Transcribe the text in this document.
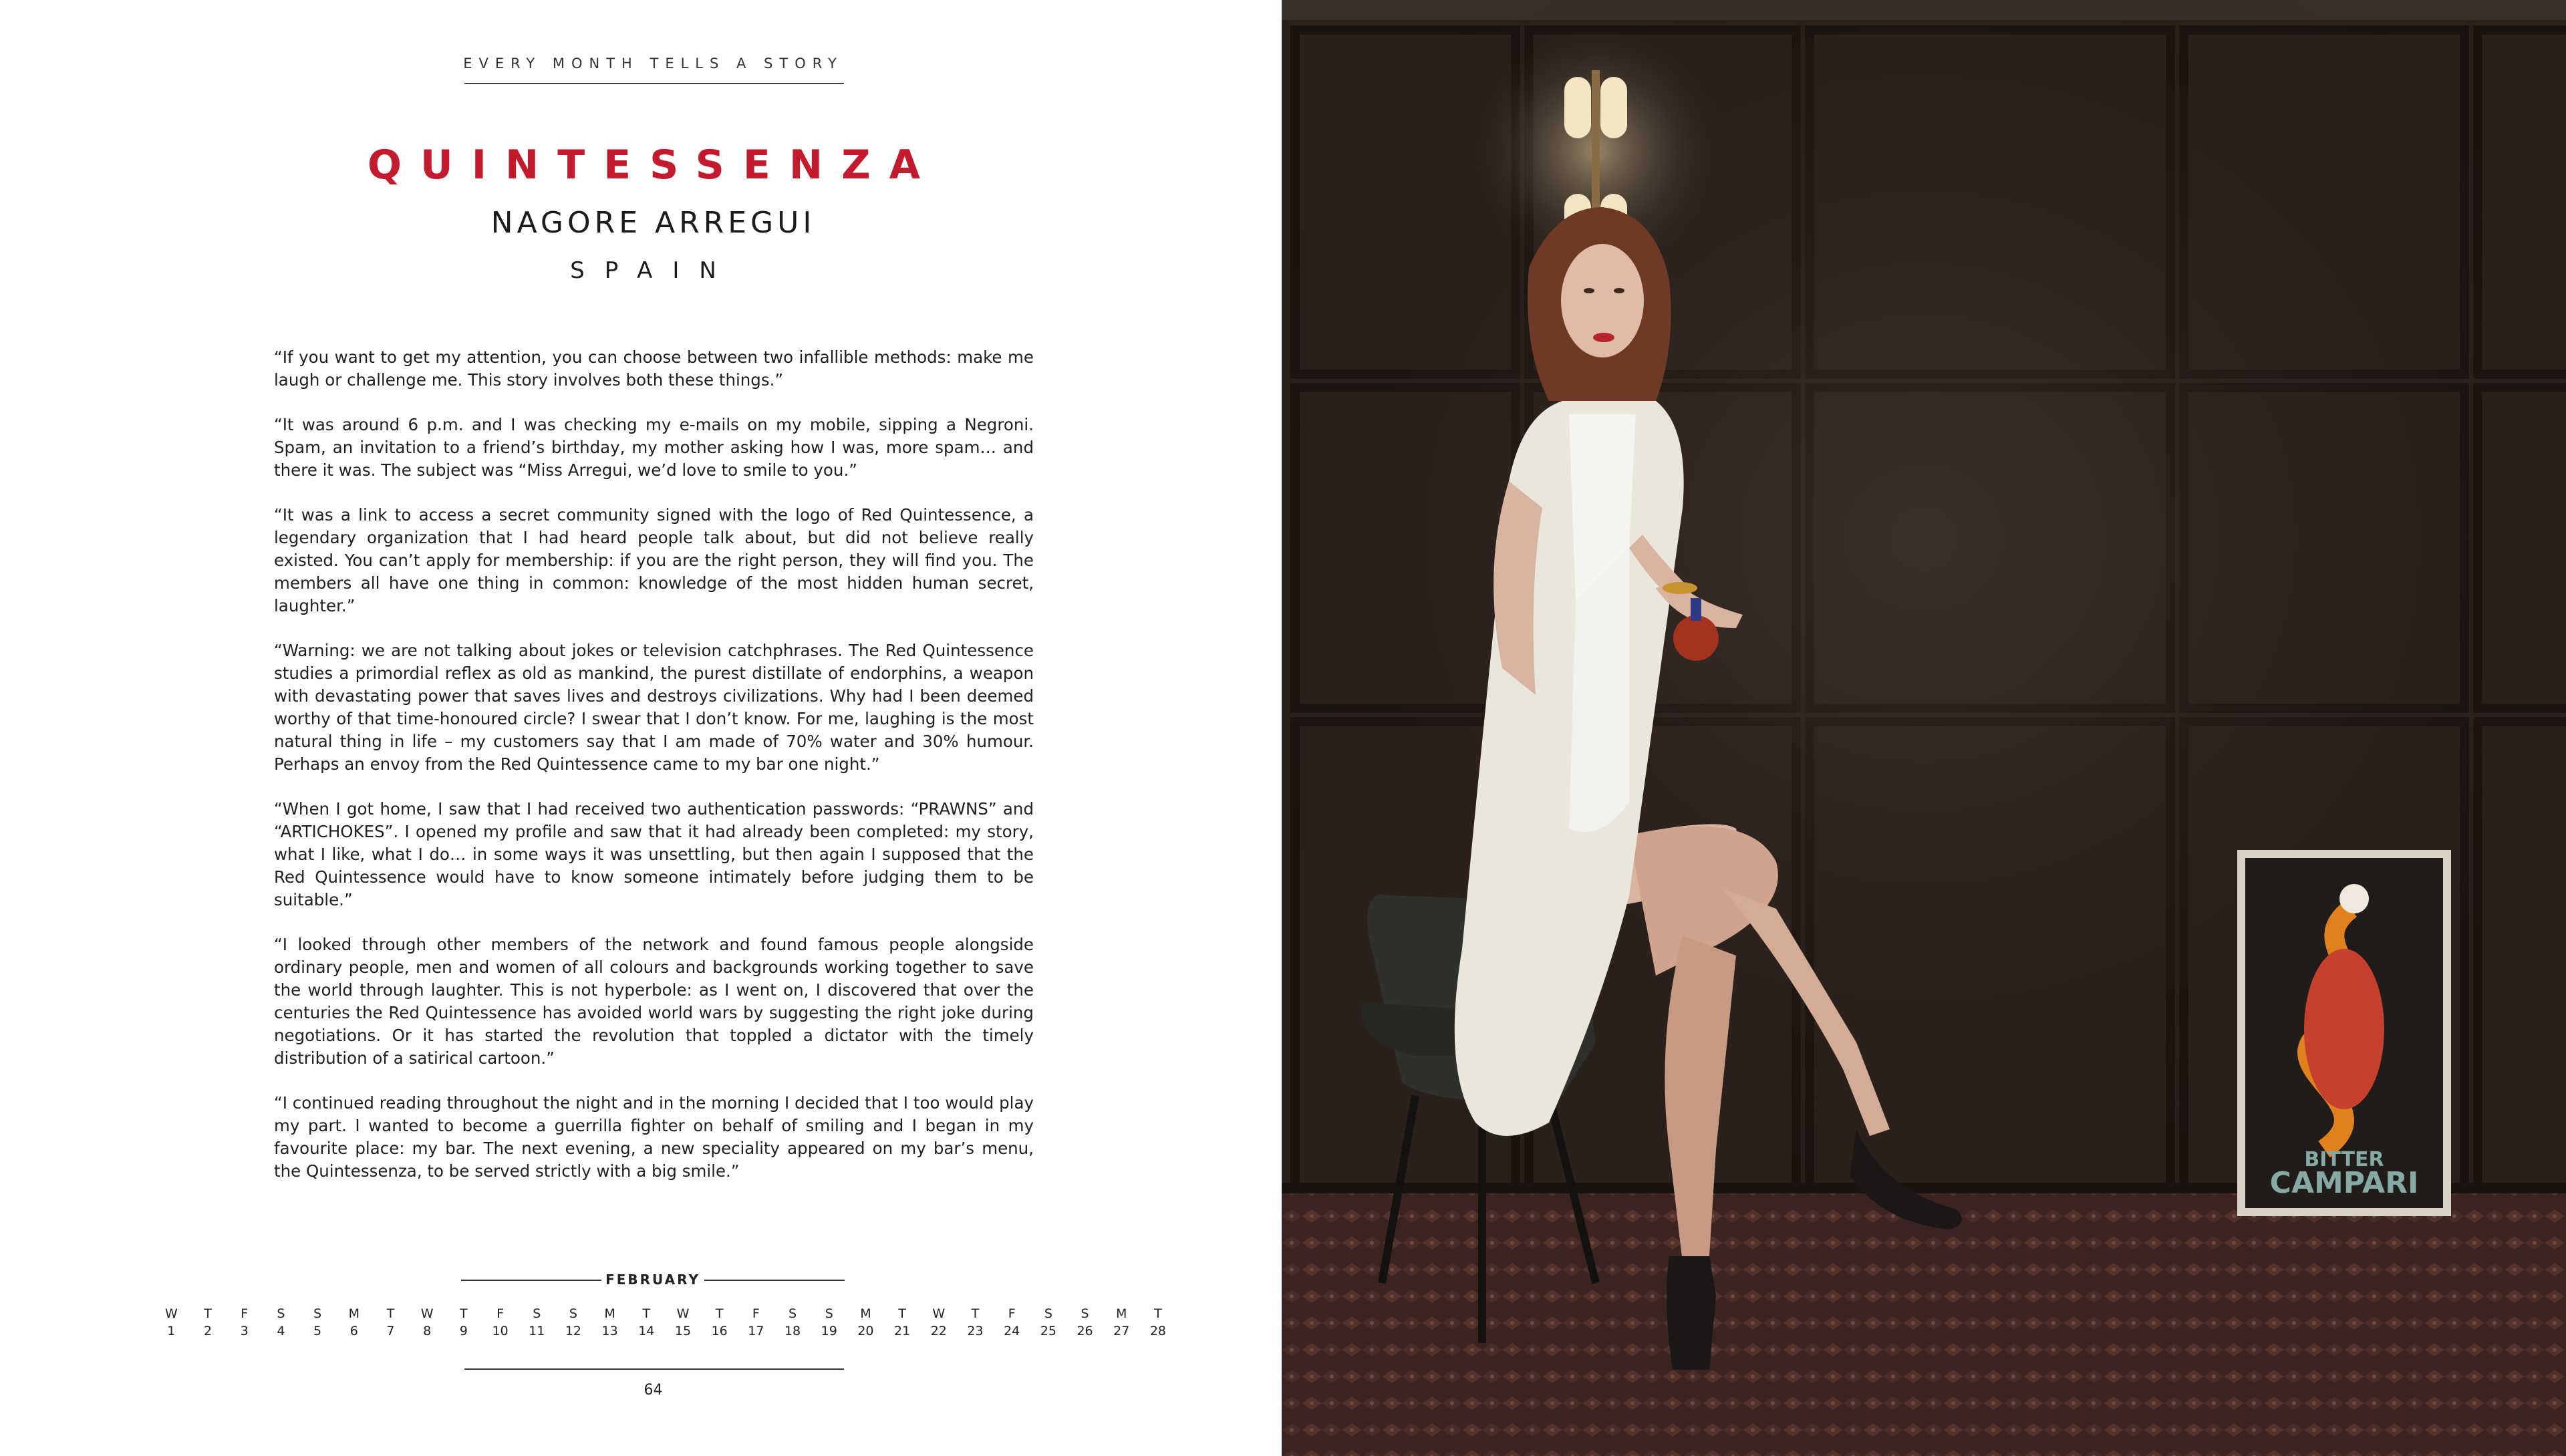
EVERY MONTH TELLS A STORY
QUINTESSENZA
NAGORE ARREGUI
SPAIN

“If you want to get my attention, you can choose between two infallible methods: make me laugh or challenge me. This story involves both these things.”

“It was around 6 p.m. and I was checking my e-mails on my mobile, sipping a Negroni. Spam, an invitation to a friend’s birthday, my mother asking how I was, more spam… and there it was. The subject was “Miss Arregui, we’d love to smile to you.”

“It was a link to access a secret community signed with the logo of Red Quintessence, a legendary organization that I had heard people talk about, but did not believe really existed. You can’t apply for membership: if you are the right person, they will find you. The members all have one thing in common: knowledge of the most hidden human secret, laughter.”

“Warning: we are not talking about jokes or television catchphrases. The Red Quintessence studies a primordial reflex as old as mankind, the purest distillate of endorphins, a weapon with devastating power that saves lives and destroys civilizations. Why had I been deemed worthy of that time-honoured circle? I swear that I don’t know. For me, laughing is the most natural thing in life – my customers say that I am made of 70% water and 30% humour. Perhaps an envoy from the Red Quintessence came to my bar one night.”

“When I got home, I saw that I had received two authentication passwords: “PRAWNS” and “ARTICHOKES”. I opened my profile and saw that it had already been completed: my story, what I like, what I do… in some ways it was unsettling, but then again I supposed that the Red Quintessence would have to know someone intimately before judging them to be suitable.”

“I looked through other members of the network and found famous people alongside ordinary people, men and women of all colours and backgrounds working together to save the world through laughter. This is not hyperbole: as I went on, I discovered that over the centuries the Red Quintessence has avoided world wars by suggesting the right joke during negotiations. Or it has started the revolution that toppled a dictator with the timely distribution of a satirical cartoon.”

“I continued reading throughout the night and in the morning I decided that I too would play my part. I wanted to become a guerrilla fighter on behalf of smiling and I began in my favourite place: my bar. The next evening, a new speciality appeared on my bar’s menu, the Quintessenza, to be served strictly with a big smile.”

FEBRUARY
W
1
T
2
F
3
S
4
S
5
M
6
T
7
W
8
T
9
F
10
S
11
S
12
M
13
T
14
W
15
T
16
F
17
S
18
S
19
M
20
T
21
W
22
T
23
F
24
S
25
S
26
M
27
T
28
64
BITTER
CAMPARI
